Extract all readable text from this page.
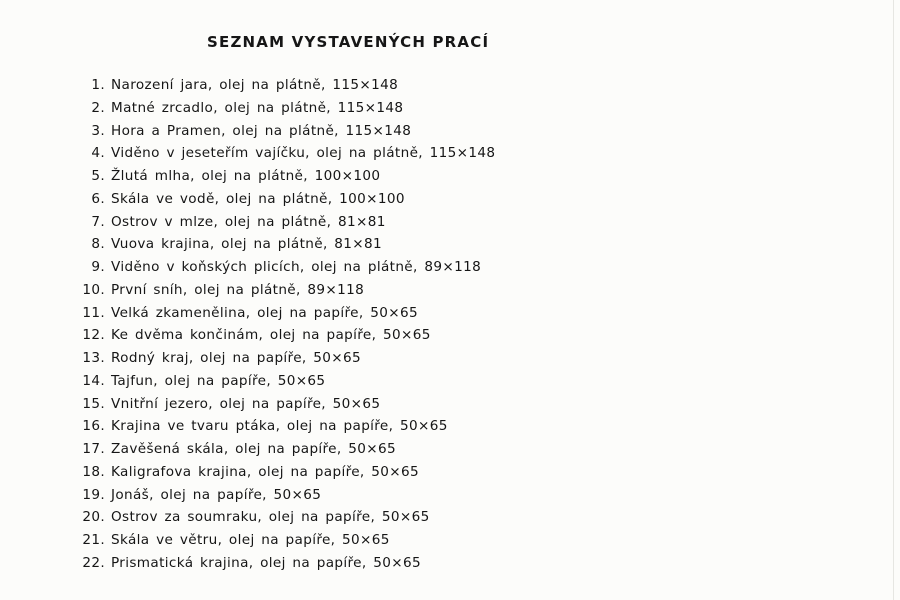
SEZNAM VYSTAVENÝCH PRACÍ
1. Narození jara, olej na plátně, 115×148
2. Matné zrcadlo, olej na plátně, 115×148
3. Hora a Pramen, olej na plátně, 115×148
4. Viděno v jeseteřím vajíčku, olej na plátně, 115×148
5. Žlutá mlha, olej na plátně, 100×100
6. Skála ve vodě, olej na plátně, 100×100
7. Ostrov v mlze, olej na plátně, 81×81
8. Vuova krajina, olej na plátně, 81×81
9. Viděno v koňských plicích, olej na plátně, 89×118
10. První sníh, olej na plátně, 89×118
11. Velká zkamenělina, olej na papíře, 50×65
12. Ke dvěma končinám, olej na papíře, 50×65
13. Rodný kraj, olej na papíře, 50×65
14. Tajfun, olej na papíře, 50×65
15. Vnitřní jezero, olej na papíře, 50×65
16. Krajina ve tvaru ptáka, olej na papíře, 50×65
17. Zavěšená skála, olej na papíře, 50×65
18. Kaligrafova krajina, olej na papíře, 50×65
19. Jonáš, olej na papíře, 50×65
20. Ostrov za soumraku, olej na papíře, 50×65
21. Skála ve větru, olej na papíře, 50×65
22. Prismatická krajina, olej na papíře, 50×65
